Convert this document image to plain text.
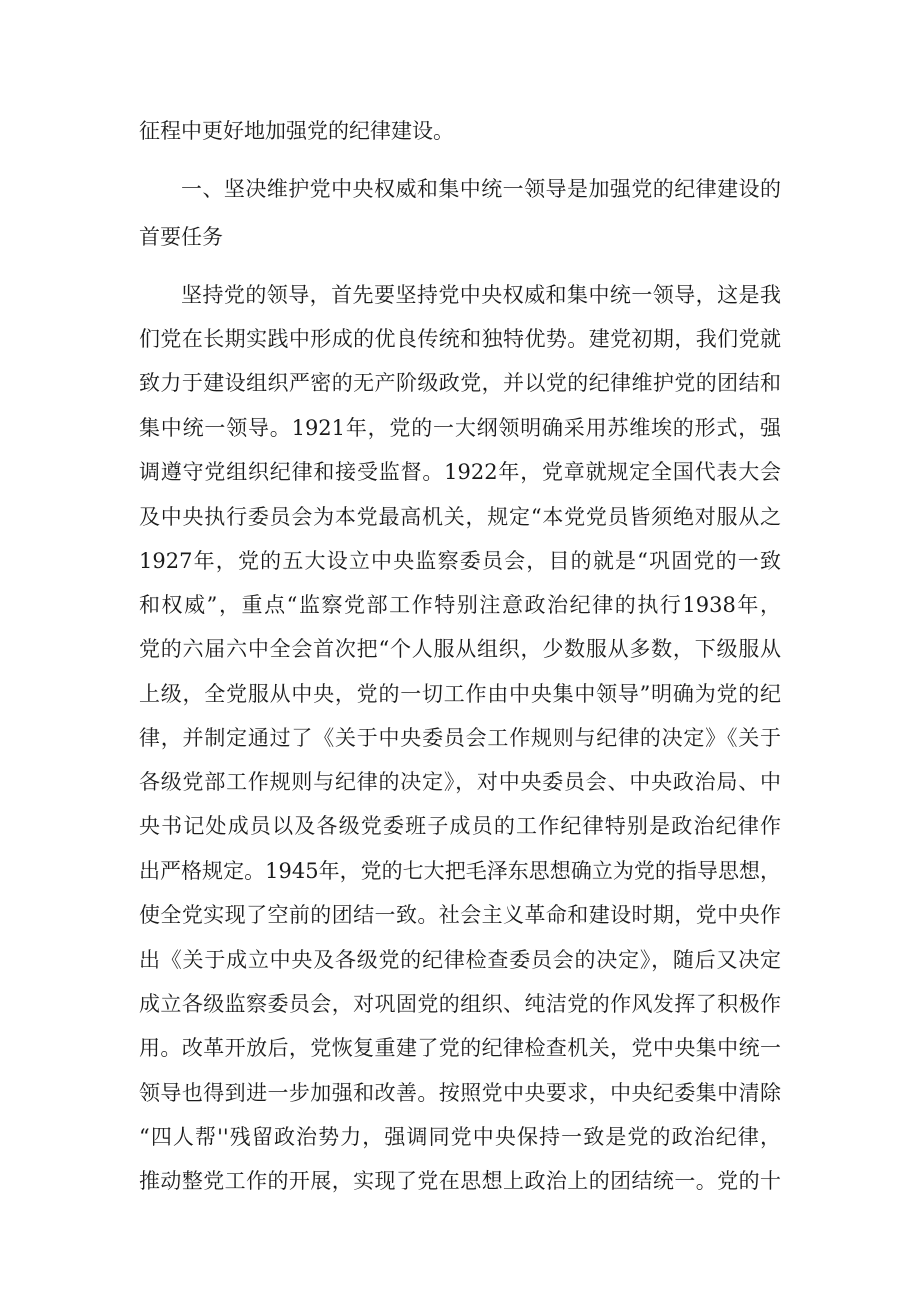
征程中更好地加强党的纪律建设。
一、坚决维护党中央权威和集中统一领导是加强党的纪律建设的
首要任务
坚持党的领导，首先要坚持党中央权威和集中统一领导，这是我
们党在长期实践中形成的优良传统和独特优势。建党初期，我们党就
致力于建设组织严密的无产阶级政党，并以党的纪律维护党的团结和
集中统一领导。1921年，党的一大纲领明确采用苏维埃的形式，强
调遵守党组织纪律和接受监督。1922年，党章就规定全国代表大会
及中央执行委员会为本党最高机关，规定“本党党员皆须绝对服从之
1927年，党的五大设立中央监察委员会，目的就是“巩固党的一致
和权威”，重点“监察党部工作特别注意政治纪律的执行1938年，
党的六届六中全会首次把“个人服从组织，少数服从多数，下级服从
上级，全党服从中央，党的一切工作由中央集中领导”明确为党的纪
律，并制定通过了《关于中央委员会工作规则与纪律的决定》《关于
各级党部工作规则与纪律的决定》，对中央委员会、中央政治局、中
央书记处成员以及各级党委班子成员的工作纪律特别是政治纪律作
出严格规定。1945年，党的七大把毛泽东思想确立为党的指导思想，
使全党实现了空前的团结一致。社会主义革命和建设时期，党中央作
出《关于成立中央及各级党的纪律检查委员会的决定》，随后又决定
成立各级监察委员会，对巩固党的组织、纯洁党的作风发挥了积极作
用。改革开放后，党恢复重建了党的纪律检查机关，党中央集中统一
领导也得到进一步加强和改善。按照党中央要求，中央纪委集中清除
“四人帮''残留政治势力，强调同党中央保持一致是党的政治纪律，
推动整党工作的开展，实现了党在思想上政治上的团结统一。党的十
